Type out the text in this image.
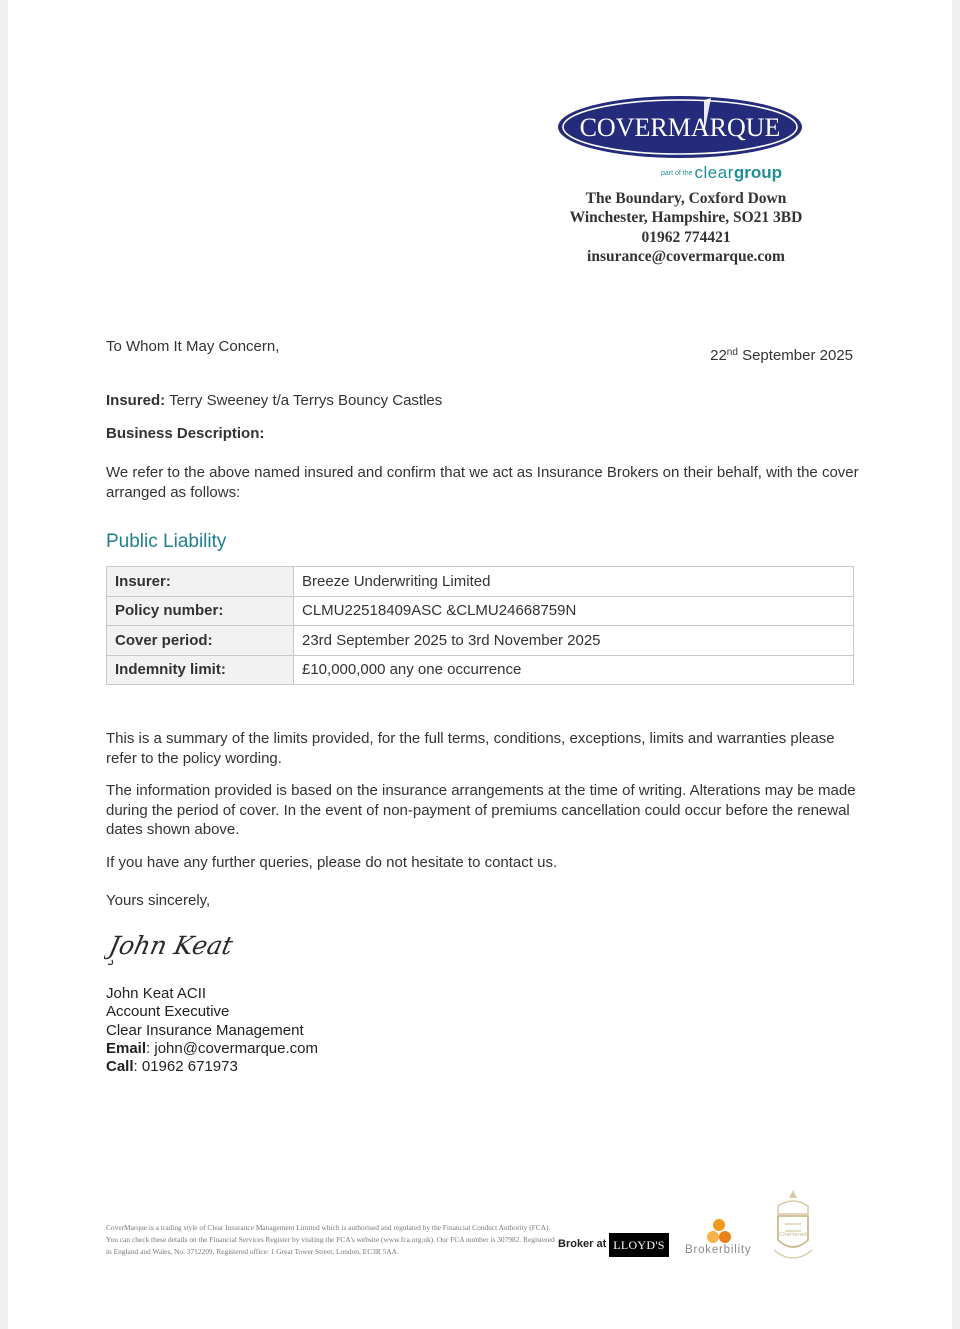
COVERMARQUE
part of the cleargroup
The Boundary, Coxford Down
Winchester, Hampshire, SO21 3BD
01962 774421
insurance@covermarque.com
To Whom It May Concern,
22nd September 2025
Insured: Terry Sweeney t/a Terrys Bouncy Castles
Business Description:
We refer to the above named insured and confirm that we act as Insurance Brokers on their behalf, with the cover arranged as follows:
Public Liability
Insurer:	Breeze Underwriting Limited
Policy number:	CLMU22518409ASC &CLMU24668759N
Cover period:	23rd September 2025 to 3rd November 2025
Indemnity limit:	£10,000,000 any one occurrence
This is a summary of the limits provided, for the full terms, conditions, exceptions, limits and warranties please refer to the policy wording.
The information provided is based on the insurance arrangements at the time of writing. Alterations may be made during the period of cover. In the event of non-payment of premiums cancellation could occur before the renewal dates shown above.
If you have any further queries, please do not hesitate to contact us.
Yours sincerely,
John Keat
John Keat ACII
Account Executive
Clear Insurance Management
Email: john@covermarque.com
Call: 01962 671973
CoverMarque is a trading style of Clear Insurance Management Limited which is authorised and regulated by the Financial Conduct Authority (FCA). You can check these details on the Financial Services Register by visiting the FCA's website (www.fca.org.uk). Our FCA number is 307982. Registered in England and Wales, No. 3712209. Registered office: 1 Great Tower Street, London, EC3R 5AA.
Broker at LLOYD'S	Brokerbility
Chartered
